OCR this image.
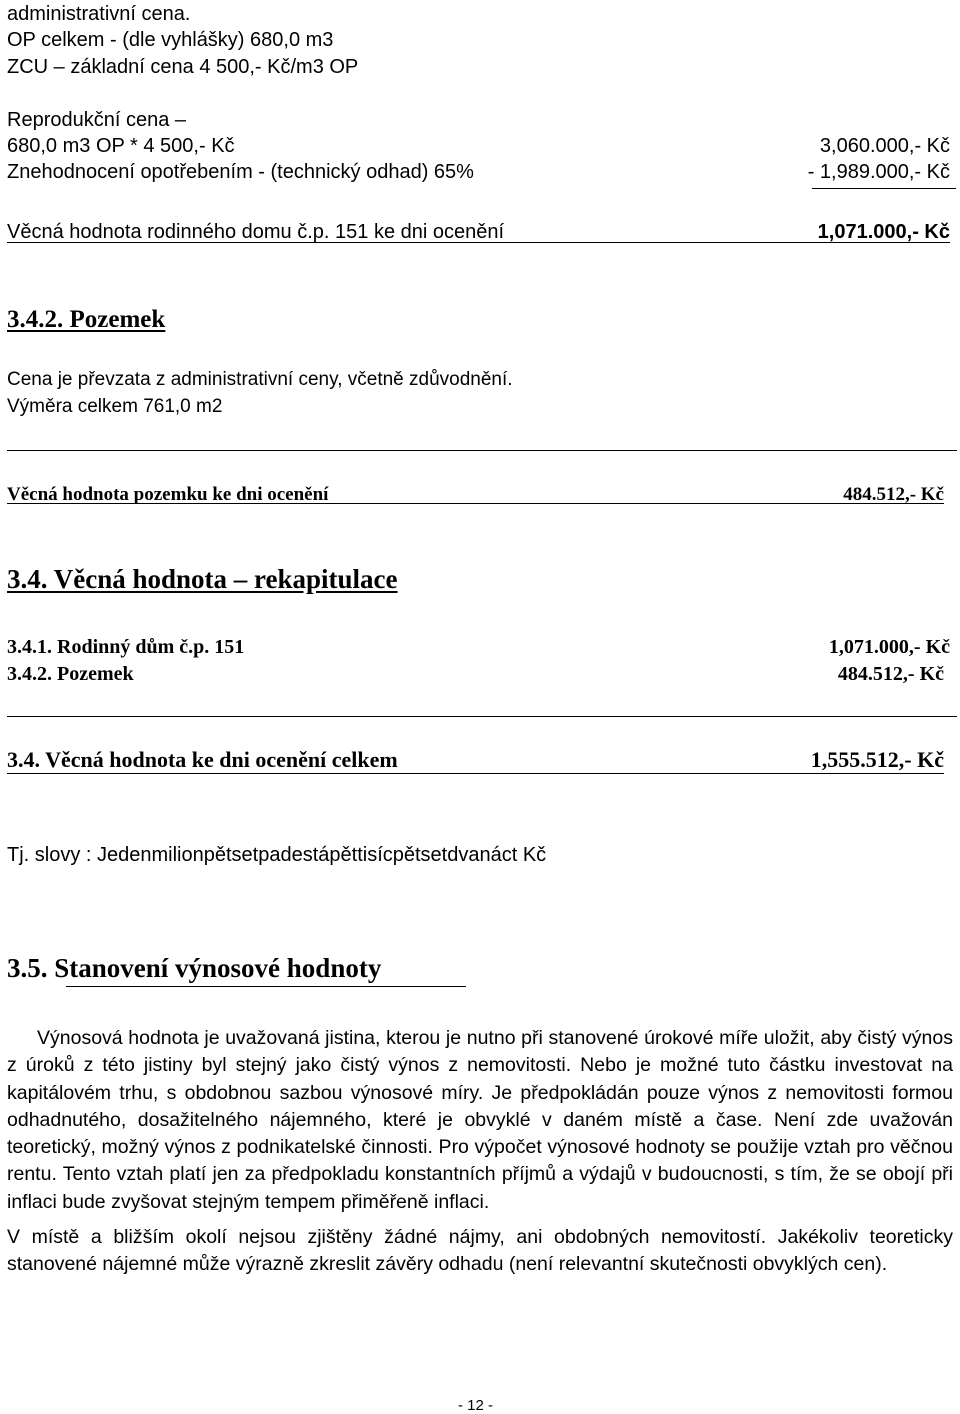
administrativní cena.
OP celkem - (dle vyhlášky) 680,0 m3
ZCU – základní cena 4 500,- Kč/m3 OP
Reprodukční cena –
680,0 m3 OP * 4 500,- Kč	3,060.000,- Kč
Znehodnocení opotřebením - (technický odhad) 65%	- 1,989.000,- Kč
Věcná hodnota rodinného domu č.p. 151 ke dni ocenění	1,071.000,- Kč
3.4.2. Pozemek
Cena je převzata z administrativní ceny, včetně zdůvodnění.
Výměra celkem 761,0 m2
Věcná hodnota pozemku ke dni ocenění	484.512,- Kč
3.4. Věcná hodnota – rekapitulace
3.4.1. Rodinný dům č.p. 151	1,071.000,- Kč
3.4.2. Pozemek	484.512,- Kč
3.4. Věcná hodnota ke dni ocenění celkem	1,555.512,- Kč
Tj. slovy : Jedenmilionpětsetpadestápěttisícpětsetdvanáct Kč
3.5. Stanovení výnosové hodnoty

Výnosová hodnota je uvažovaná jistina, kterou je nutno při stanovené úrokové míře uložit, aby čistý výnos z úroků z této jistiny byl stejný jako čistý výnos z nemovitosti. Nebo je možné tuto částku investovat na kapitálovém trhu, s obdobnou sazbou výnosové míry. Je předpokládán pouze výnos z nemovitosti formou odhadnutého, dosažitelného nájemného, které je obvyklé v daném místě a čase. Není zde uvažován teoretický, možný výnos z podnikatelské činnosti. Pro výpočet výnosové hodnoty se použije vztah pro věčnou rentu. Tento vztah platí jen za předpokladu konstantních příjmů a výdajů v budoucnosti, s tím, že se obojí při inflaci bude zvyšovat stejným tempem přiměřeně inflaci.

V místě a bližším okolí nejsou zjištěny žádné nájmy, ani obdobných nemovitostí. Jakékoliv teoreticky stanovené nájemné může výrazně zkreslit závěry odhadu (není relevantní skutečnosti obvyklých cen).

- 12 -
